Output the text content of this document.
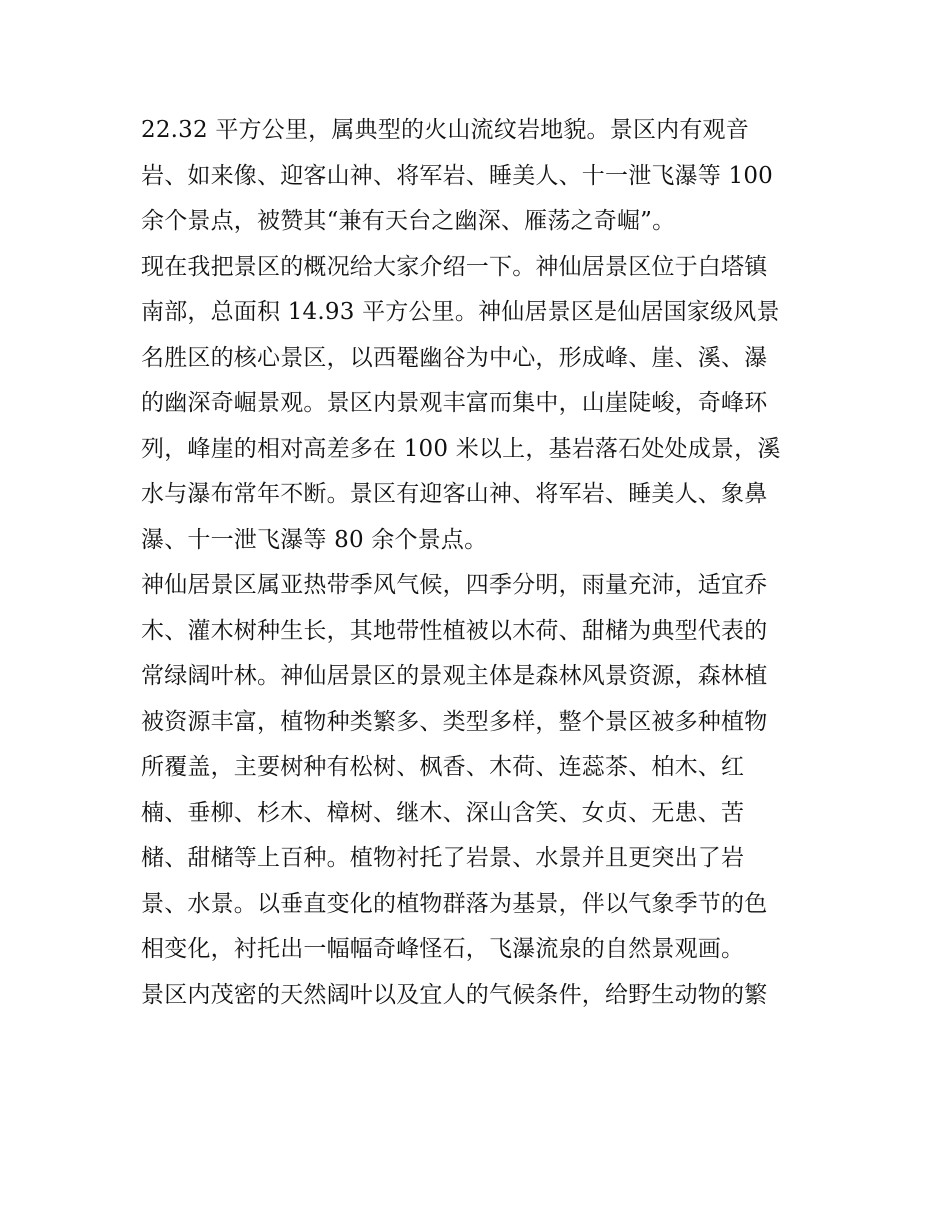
22.32 平方公里，属典型的火山流纹岩地貌。景区内有观音
岩、如来像、迎客山神、将军岩、睡美人、十一泄飞瀑等 100
余个景点，被赞其“兼有天台之幽深、雁荡之奇崛”。
现在我把景区的概况给大家介绍一下。神仙居景区位于白塔镇
南部，总面积 14.93 平方公里。神仙居景区是仙居国家级风景
名胜区的核心景区，以西罨幽谷为中心，形成峰、崖、溪、瀑
的幽深奇崛景观。景区内景观丰富而集中，山崖陡峻，奇峰环
列，峰崖的相对高差多在 100 米以上，基岩落石处处成景，溪
水与瀑布常年不断。景区有迎客山神、将军岩、睡美人、象鼻
瀑、十一泄飞瀑等 80 余个景点。
神仙居景区属亚热带季风气候，四季分明，雨量充沛，适宜乔
木、灌木树种生长，其地带性植被以木荷、甜槠为典型代表的
常绿阔叶林。神仙居景区的景观主体是森林风景资源，森林植
被资源丰富，植物种类繁多、类型多样，整个景区被多种植物
所覆盖，主要树种有松树、枫香、木荷、连蕊茶、柏木、红
楠、垂柳、杉木、樟树、继木、深山含笑、女贞、无患、苦
槠、甜槠等上百种。植物衬托了岩景、水景并且更突出了岩
景、水景。以垂直变化的植物群落为基景，伴以气象季节的色
相变化，衬托出一幅幅奇峰怪石，飞瀑流泉的自然景观画。
景区内茂密的天然阔叶以及宜人的气候条件，给野生动物的繁
